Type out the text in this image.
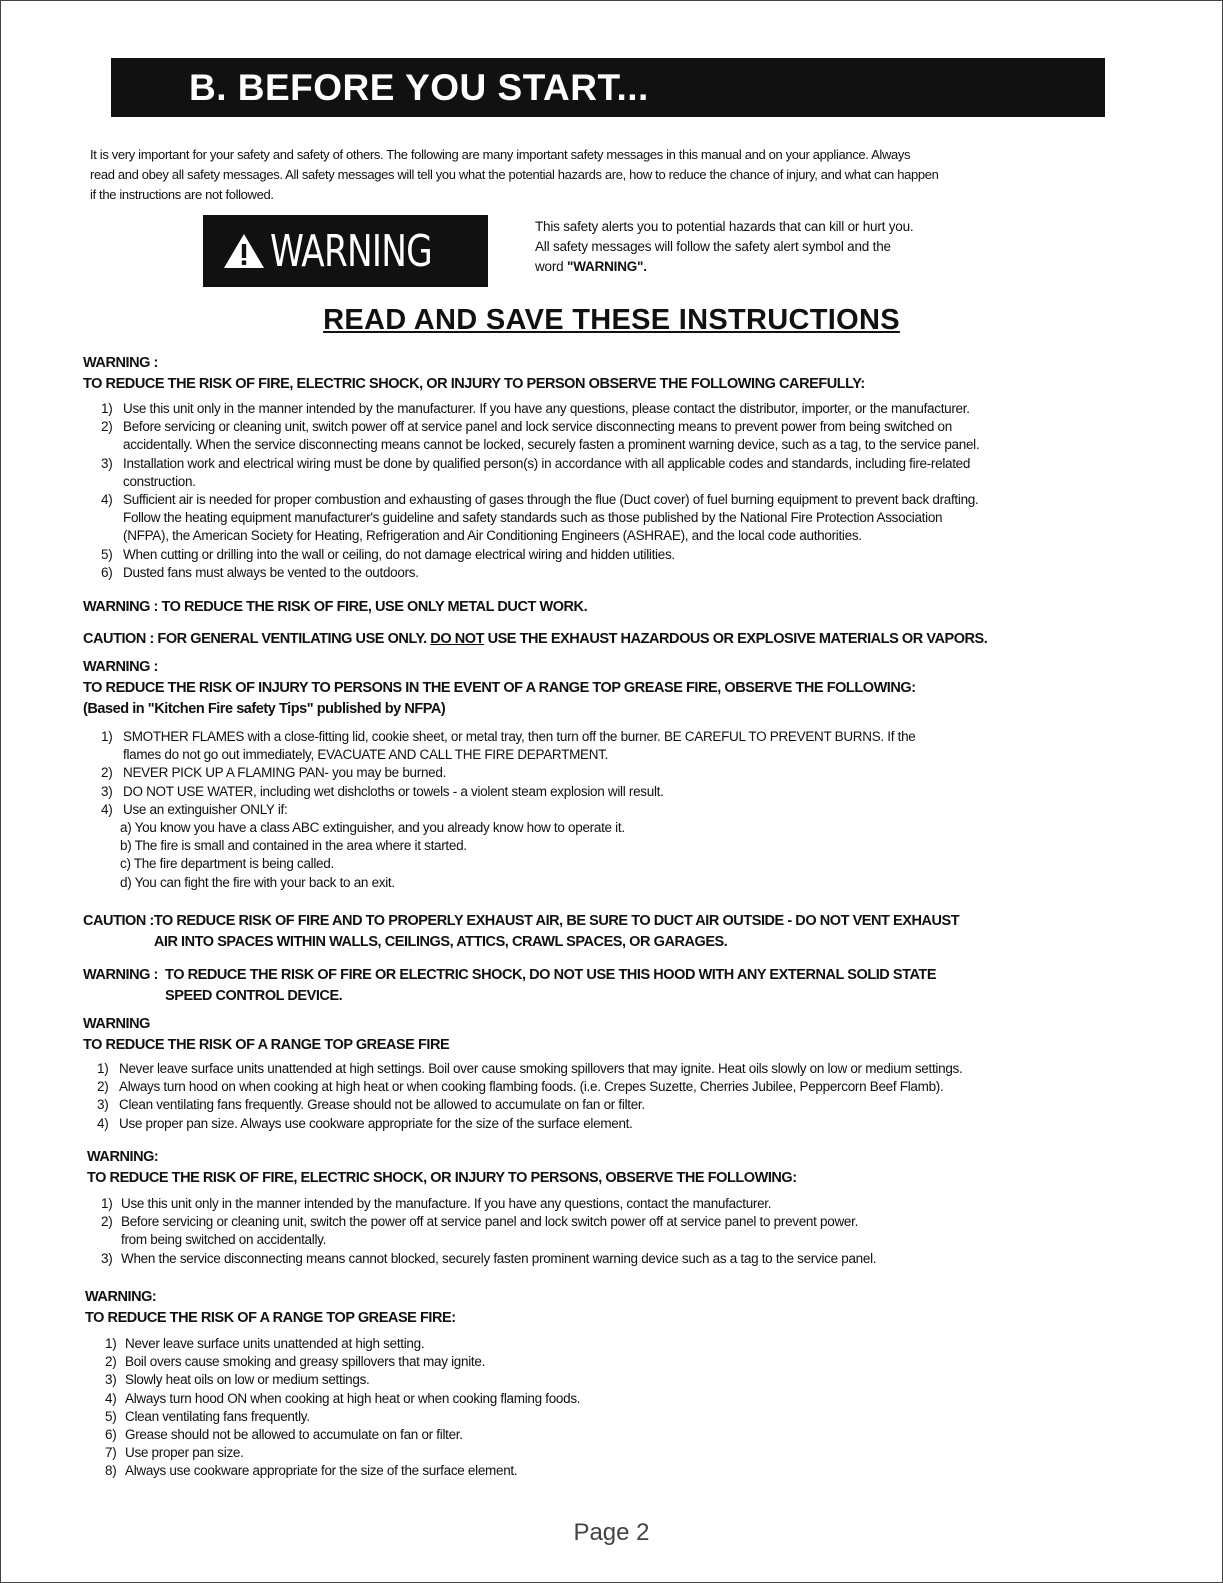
B. BEFORE YOU START...
It is very important for your safety and safety of others. The following are many important safety messages in this manual and on your appliance. Always
read and obey all safety messages. All safety messages will tell you what the potential hazards are, how to reduce the chance of injury, and what can happen
if the instructions are not followed.
WARNING	This safety alerts you to potential hazards that can kill or hurt you.
All safety messages will follow the safety alert symbol and the
word "WARNING".
READ AND SAVE THESE INSTRUCTIONS
WARNING :
TO REDUCE THE RISK OF FIRE, ELECTRIC SHOCK, OR INJURY TO PERSON OBSERVE THE FOLLOWING CAREFULLY:
1) Use this unit only in the manner intended by the manufacturer. If you have any questions, please contact the distributor, importer, or the manufacturer.
2) Before servicing or cleaning unit, switch power off at service panel and lock service disconnecting means to prevent power from being switched on
accidentally. When the service disconnecting means cannot be locked, securely fasten a prominent warning device, such as a tag, to the service panel.
3) Installation work and electrical wiring must be done by qualified person(s) in accordance with all applicable codes and standards, including fire-related
construction.
4) Sufficient air is needed for proper combustion and exhausting of gases through the flue (Duct cover) of fuel burning equipment to prevent back drafting.
Follow the heating equipment manufacturer's guideline and safety standards such as those published by the National Fire Protection Association
(NFPA), the American Society for Heating, Refrigeration and Air Conditioning Engineers (ASHRAE), and the local code authorities.
5) When cutting or drilling into the wall or ceiling, do not damage electrical wiring and hidden utilities.
6) Dusted fans must always be vented to the outdoors.
WARNING : TO REDUCE THE RISK OF FIRE, USE ONLY METAL DUCT WORK.
CAUTION : FOR GENERAL VENTILATING USE ONLY. DO NOT USE THE EXHAUST HAZARDOUS OR EXPLOSIVE MATERIALS OR VAPORS.
WARNING :
TO REDUCE THE RISK OF INJURY TO PERSONS IN THE EVENT OF A RANGE TOP GREASE FIRE, OBSERVE THE FOLLOWING:
(Based in "Kitchen Fire safety Tips" published by NFPA)
1) SMOTHER FLAMES with a close-fitting lid, cookie sheet, or metal tray, then turn off the burner. BE CAREFUL TO PREVENT BURNS. If the
flames do not go out immediately, EVACUATE AND CALL THE FIRE DEPARTMENT.
2) NEVER PICK UP A FLAMING PAN- you may be burned.
3) DO NOT USE WATER, including wet dishcloths or towels - a violent steam explosion will result.
4) Use an extinguisher ONLY if:
a) You know you have a class ABC extinguisher, and you already know how to operate it.
b) The fire is small and contained in the area where it started.
c) The fire department is being called.
d) You can fight the fire with your back to an exit.
CAUTION : TO REDUCE RISK OF FIRE AND TO PROPERLY EXHAUST AIR, BE SURE TO DUCT AIR OUTSIDE - DO NOT VENT EXHAUST
AIR INTO SPACES WITHIN WALLS, CEILINGS, ATTICS, CRAWL SPACES, OR GARAGES.
WARNING : TO REDUCE THE RISK OF FIRE OR ELECTRIC SHOCK, DO NOT USE THIS HOOD WITH ANY EXTERNAL SOLID STATE
SPEED CONTROL DEVICE.
WARNING
TO REDUCE THE RISK OF A RANGE TOP GREASE FIRE
1) Never leave surface units unattended at high settings. Boil over cause smoking spillovers that may ignite. Heat oils slowly on low or medium settings.
2) Always turn hood on when cooking at high heat or when cooking flambing foods. (i.e. Crepes Suzette, Cherries Jubilee, Peppercorn Beef Flamb).
3) Clean ventilating fans frequently. Grease should not be allowed to accumulate on fan or filter.
4) Use proper pan size. Always use cookware appropriate for the size of the surface element.
WARNING:
TO REDUCE THE RISK OF FIRE, ELECTRIC SHOCK, OR INJURY TO PERSONS, OBSERVE THE FOLLOWING:
1) Use this unit only in the manner intended by the manufacture. If you have any questions, contact the manufacturer.
2) Before servicing or cleaning unit, switch the power off at service panel and lock switch power off at service panel to prevent power.
from being switched on accidentally.
3) When the service disconnecting means cannot blocked, securely fasten prominent warning device such as a tag to the service panel.
WARNING:
TO REDUCE THE RISK OF A RANGE TOP GREASE FIRE:
1) Never leave surface units unattended at high setting.
2) Boil overs cause smoking and greasy spillovers that may ignite.
3) Slowly heat oils on low or medium settings.
4) Always turn hood ON when cooking at high heat or when cooking flaming foods.
5) Clean ventilating fans frequently.
6) Grease should not be allowed to accumulate on fan or filter.
7) Use proper pan size.
8) Always use cookware appropriate for the size of the surface element.
Page 2
